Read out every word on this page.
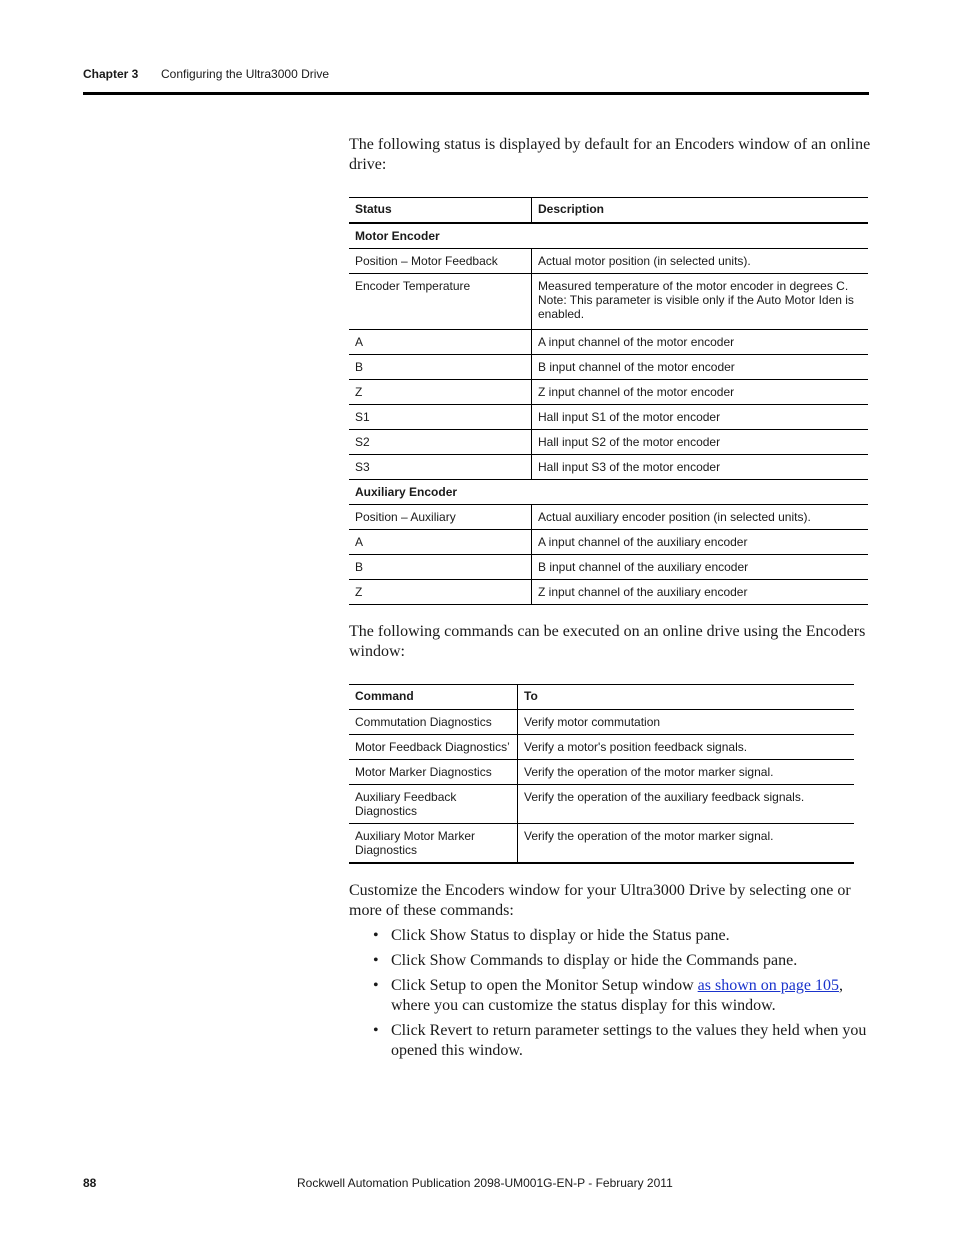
Chapter 3 Configuring the Ultra3000 Drive

The following status is displayed by default for an Encoders window of an online drive:

Status	Description
Motor Encoder	
Position – Motor Feedback	Actual motor position (in selected units).

Encoder Temperature	Measured temperature of the motor encoder in degrees C.
Note: This parameter is visible only if the Auto Motor Iden is enabled.

A	A input channel of the motor encoder

B	B input channel of the motor encoder

Z	Z input channel of the motor encoder

S1	Hall input S1 of the motor encoder

S2	Hall input S2 of the motor encoder

S3	Hall input S3 of the motor encoder

Auxiliary Encoder	
Position – Auxiliary	Actual auxiliary encoder position (in selected units).

A	A input channel of the auxiliary encoder

B	B input channel of the auxiliary encoder

Z	Z input channel of the auxiliary encoder

The following commands can be executed on an online drive using the Encoders window:

Command	To
Commutation Diagnostics	Verify motor commutation
Motor Feedback Diagnostics’	Verify a motor's position feedback signals.
Motor Marker Diagnostics	Verify the operation of the motor marker signal.
Auxiliary Feedback Diagnostics	Verify the operation of the auxiliary feedback signals.
Auxiliary Motor Marker Diagnostics	Verify the operation of the motor marker signal.

Customize the Encoders window for your Ultra3000 Drive by selecting one or more of these commands:

• Click Show Status to display or hide the Status pane.
• Click Show Commands to display or hide the Commands pane.
• Click Setup to open the Monitor Setup window as shown on page 105, where you can customize the status display for this window.
• Click Revert to return parameter settings to the values they held when you opened this window.
88	Rockwell Automation Publication 2098-UM001G-EN-P - February 2011
